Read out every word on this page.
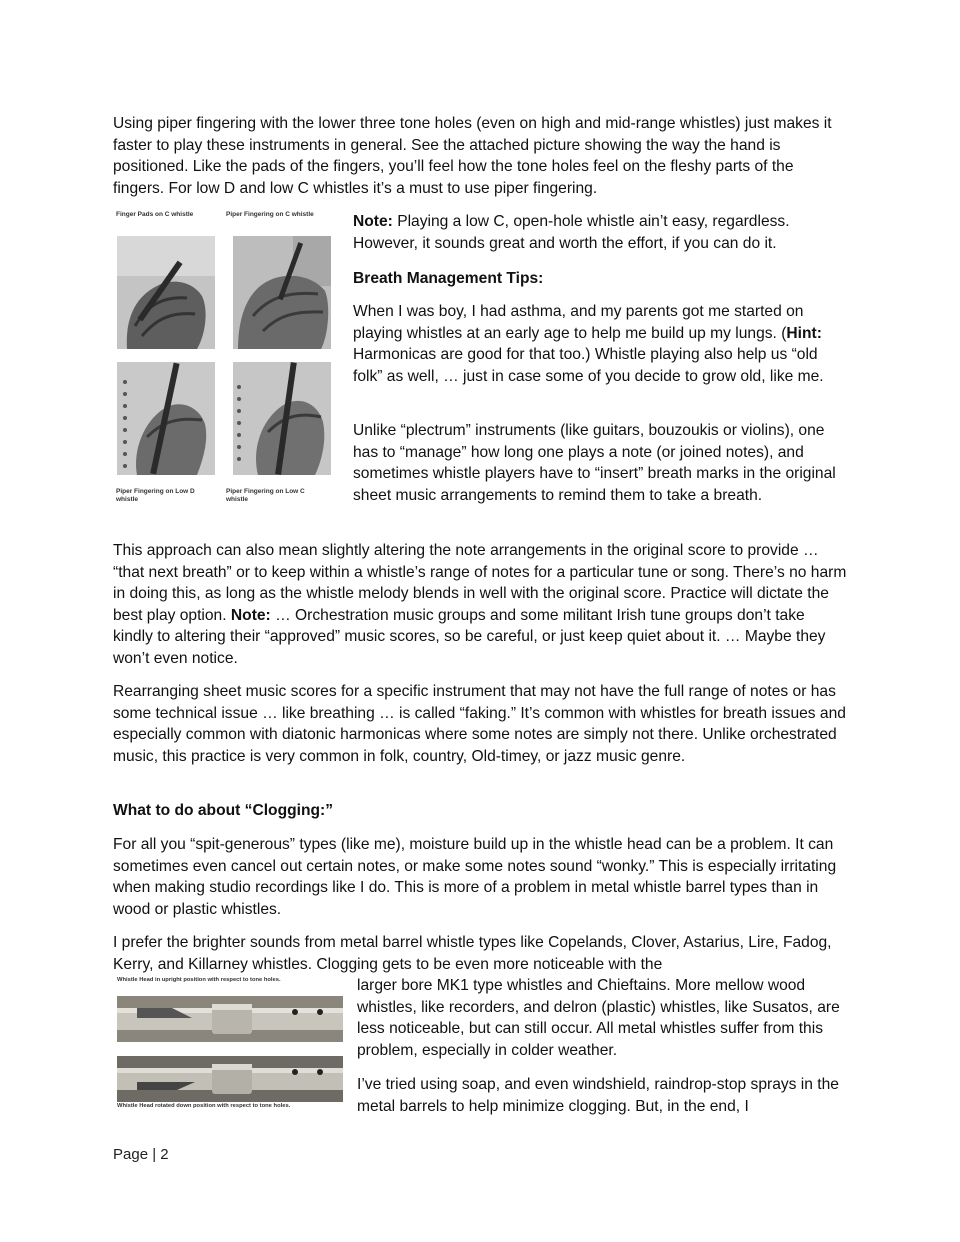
Using piper fingering with the lower three tone holes (even on high and mid-range whistles) just makes it faster to play these instruments in general. See the attached picture showing the way the hand is positioned. Like the pads of the fingers, you’ll feel how the tone holes feel on the fleshy parts of the fingers. For low D and low C whistles it’s a must to use piper fingering.

Finger Pads on C whistle	Piper Fingering on C whistle
Piper Fingering on Low D whistle
Piper Fingering on Low C whistle

Note: Playing a low C, open-hole whistle ain’t easy, regardless. However, it sounds great and worth the effort, if you can do it.

Breath Management Tips:

When I was boy, I had asthma, and my parents got me started on playing whistles at an early age to help me build up my lungs. (Hint: Harmonicas are good for that too.) Whistle playing also help us “old folk” as well, … just in case some of you decide to grow old, like me.

Unlike “plectrum” instruments (like guitars, bouzoukis or violins), one has to “manage” how long one plays a note (or joined notes), and sometimes whistle players have to “insert” breath marks in the original sheet music arrangements to remind them to take a breath.

This approach can also mean slightly altering the note arrangements in the original score to provide … “that next breath” or to keep within a whistle’s range of notes for a particular tune or song. There’s no harm in doing this, as long as the whistle melody blends in well with the original score. Practice will dictate the best play option. Note: … Orchestration music groups and some militant Irish tune groups don’t take kindly to altering their “approved” music scores, so be careful, or just keep quiet about it. … Maybe they won’t even notice.

Rearranging sheet music scores for a specific instrument that may not have the full range of notes or has some technical issue … like breathing … is called “faking.” It’s common with whistles for breath issues and especially common with diatonic harmonicas where some notes are simply not there. Unlike orchestrated music, this practice is very common in folk, country, Old-timey, or jazz music genre.

What to do about “Clogging:”

For all you “spit-generous” types (like me), moisture build up in the whistle head can be a problem. It can sometimes even cancel out certain notes, or make some notes sound “wonky.” This is especially irritating when making studio recordings like I do. This is more of a problem in metal whistle barrel types than in wood or plastic whistles.

I prefer the brighter sounds from metal barrel whistle types like Copelands, Clover, Astarius, Lire, Fadog, Kerry, and Killarney whistles. Clogging gets to be even more noticeable with the

larger bore MK1 type whistles and Chieftains. More mellow wood whistles, like recorders, and delron (plastic) whistles, like Susatos, are less noticeable, but can still occur. All metal whistles suffer from this problem, especially in colder weather.

I’ve tried using soap, and even windshield, raindrop-stop sprays in the metal barrels to help minimize clogging. But, in the end, I

Whistle Head in upright position with respect to tone holes.
Whistle Head rotated down position with respect to tone holes.
Page | 2
